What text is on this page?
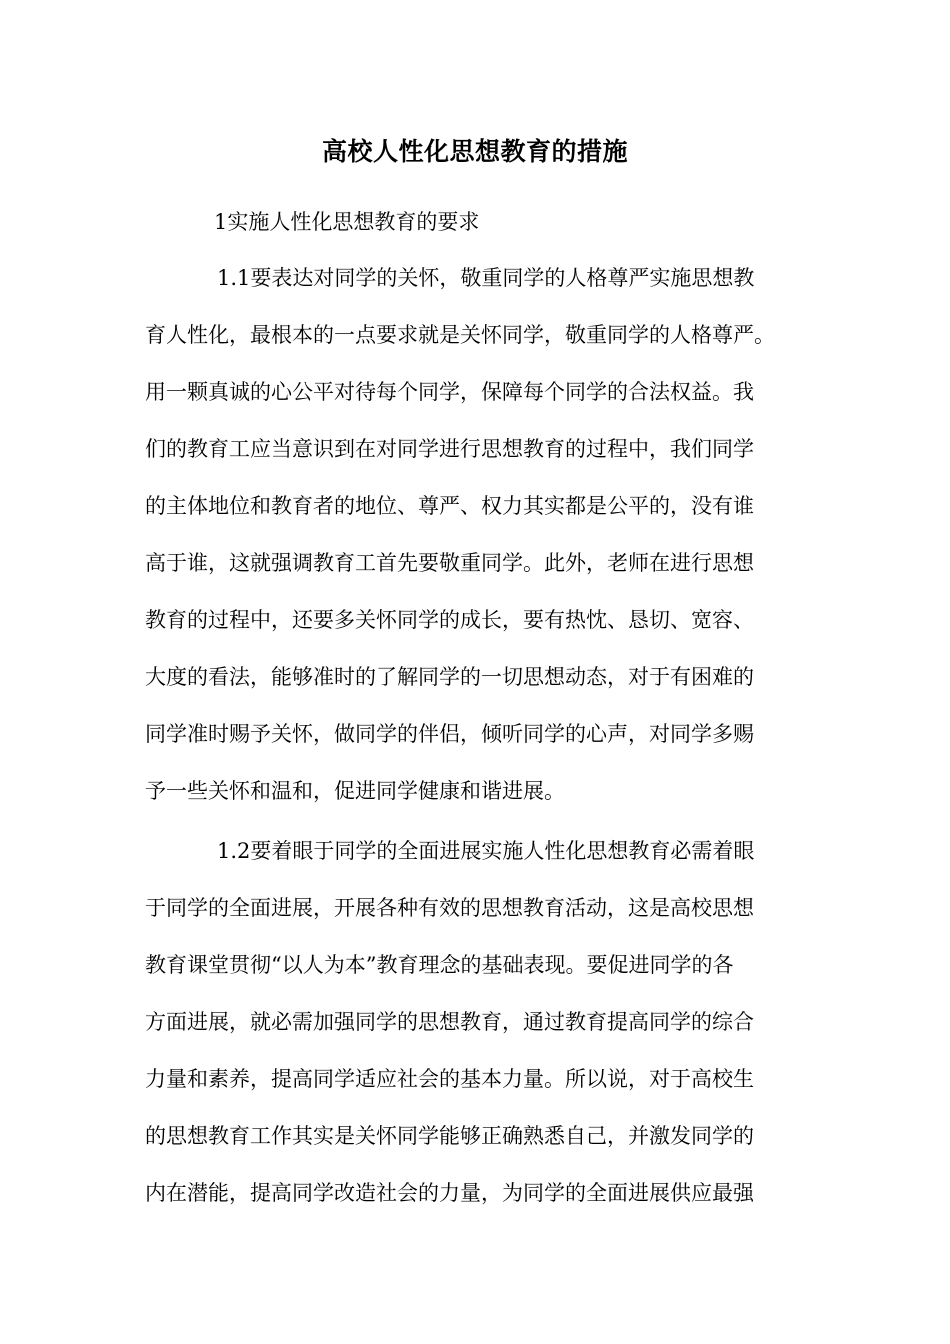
高校人性化思想教育的措施
1实施人性化思想教育的要求
1.1要表达对同学的关怀，敬重同学的人格尊严实施思想教
育人性化，最根本的一点要求就是关怀同学，敬重同学的人格尊严。
用一颗真诚的心公平对待每个同学，保障每个同学的合法权益。我
们的教育工应当意识到在对同学进行思想教育的过程中，我们同学
的主体地位和教育者的地位、尊严、权力其实都是公平的，没有谁
高于谁，这就强调教育工首先要敬重同学。此外，老师在进行思想
教育的过程中，还要多关怀同学的成长，要有热忱、恳切、宽容、
大度的看法，能够准时的了解同学的一切思想动态，对于有困难的
同学准时赐予关怀，做同学的伴侣，倾听同学的心声，对同学多赐
予一些关怀和温和，促进同学健康和谐进展。
1.2要着眼于同学的全面进展实施人性化思想教育必需着眼
于同学的全面进展，开展各种有效的思想教育活动，这是高校思想
教育课堂贯彻“以人为本”教育理念的基础表现。要促进同学的各
方面进展，就必需加强同学的思想教育，通过教育提高同学的综合
力量和素养，提高同学适应社会的基本力量。所以说，对于高校生
的思想教育工作其实是关怀同学能够正确熟悉自己，并激发同学的
内在潜能，提高同学改造社会的力量，为同学的全面进展供应最强
